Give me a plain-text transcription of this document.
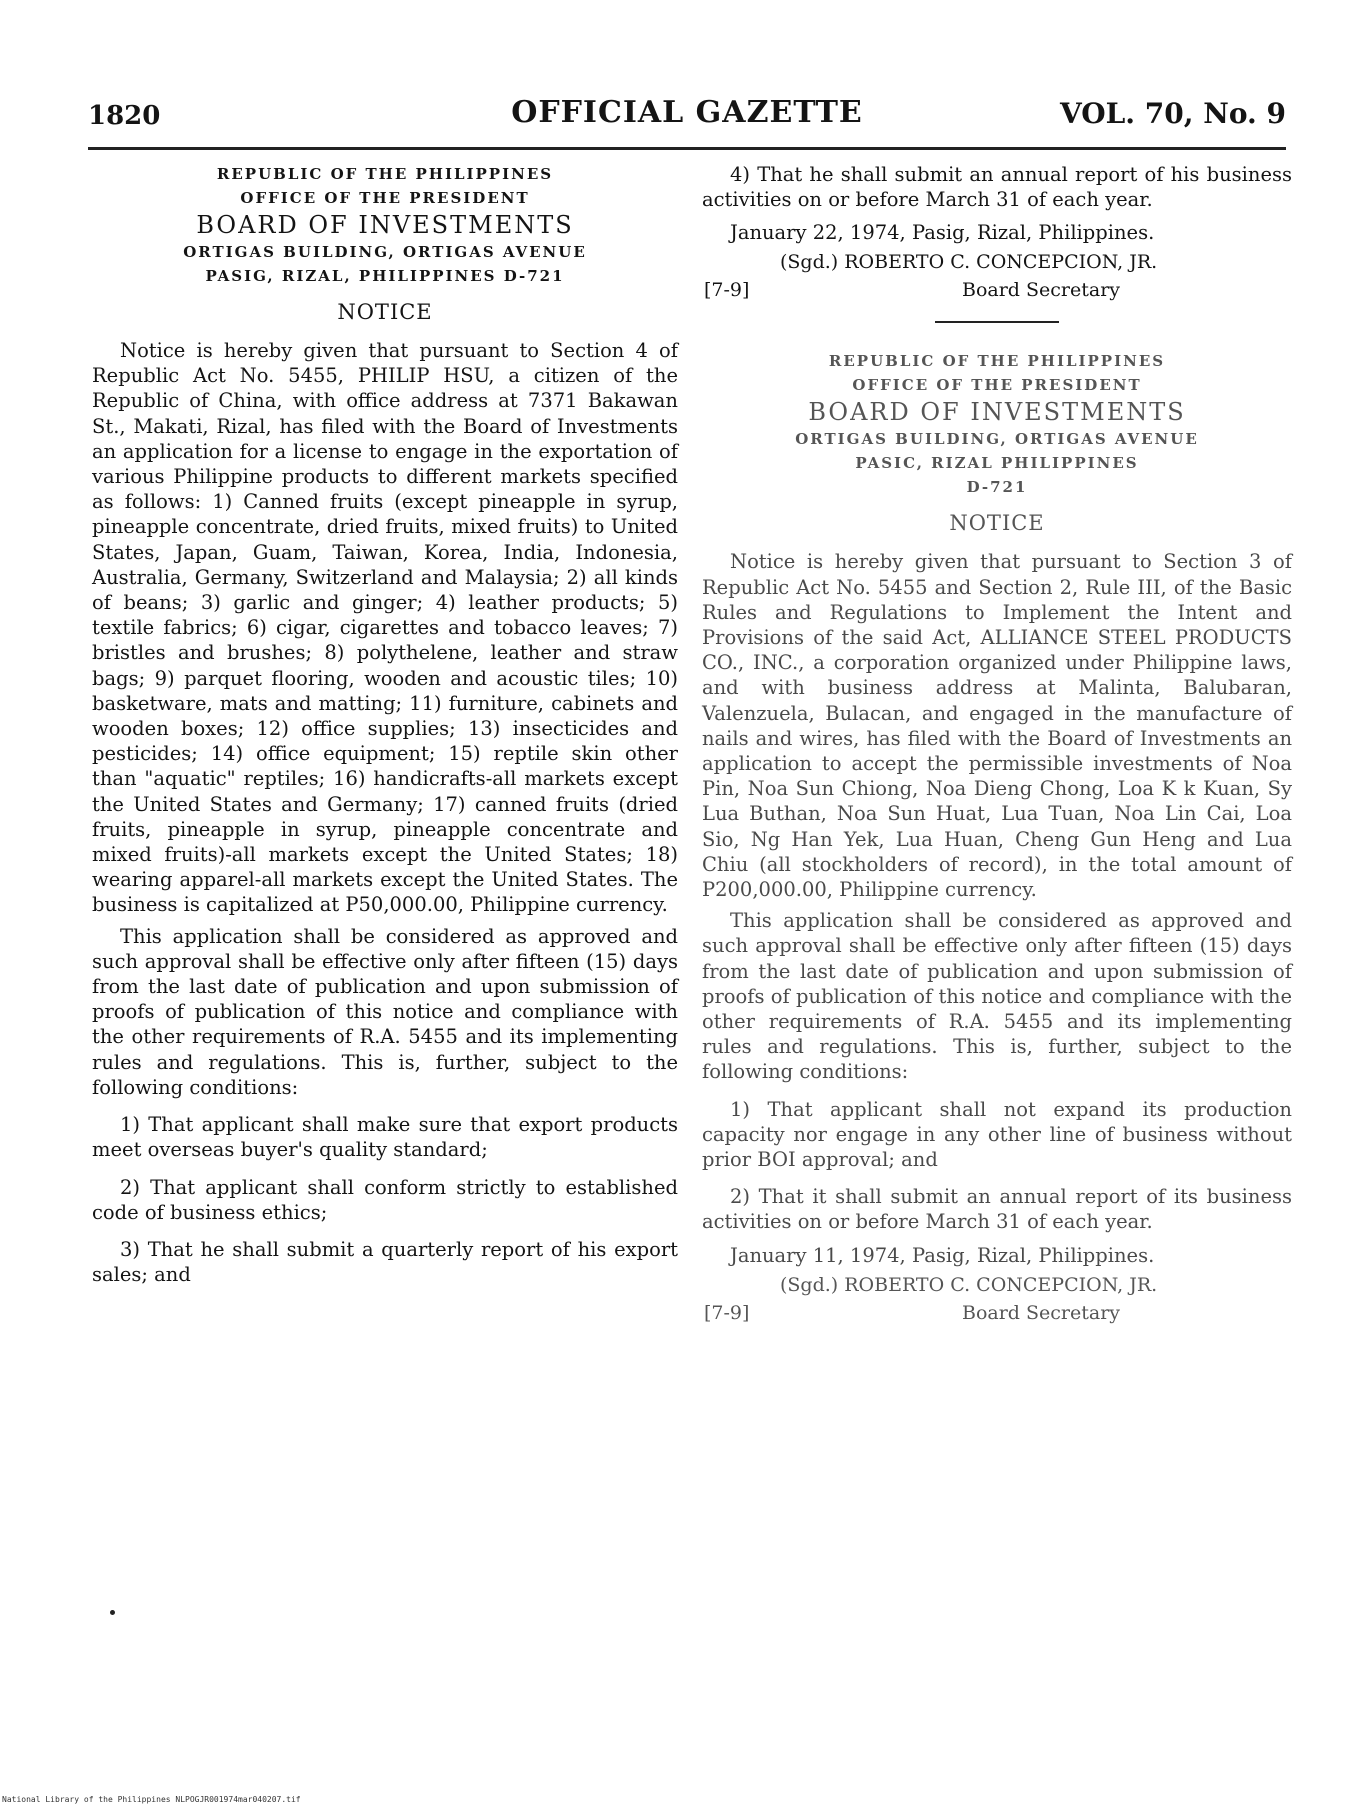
1820	OFFICIAL GAZETTE	VOL. 70, No. 9
REPUBLIC OF THE PHILIPPINES
OFFICE OF THE PRESIDENT
BOARD OF INVESTMENTS
ORTIGAS BUILDING, ORTIGAS AVENUE
PASIG, RIZAL, PHILIPPINES D-721
NOTICE

Notice is hereby given that pursuant to Section 4 of Republic Act No. 5455, PHILIP HSU, a citizen of the Republic of China, with office address at 7371 Bakawan St., Makati, Rizal, has filed with the Board of Investments an application for a license to engage in the exportation of various Philippine products to different markets specified as follows: 1) Canned fruits (except pineapple in syrup, pineapple concentrate, dried fruits, mixed fruits) to United States, Japan, Guam, Taiwan, Korea, India, Indonesia, Australia, Germany, Switzerland and Malaysia; 2) all kinds of beans; 3) garlic and ginger; 4) leather products; 5) textile fabrics; 6) cigar, cigarettes and tobacco leaves; 7) bristles and brushes; 8) polythelene, leather and straw bags; 9) parquet flooring, wooden and acoustic tiles; 10) basketware, mats and matting; 11) furniture, cabinets and wooden boxes; 12) office supplies; 13) insecticides and pesticides; 14) office equipment; 15) reptile skin other than "aquatic" reptiles; 16) handicrafts-all markets except the United States and Germany; 17) canned fruits (dried fruits, pineapple in syrup, pineapple concentrate and mixed fruits)-all markets except the United States; 18) wearing apparel-all markets except the United States. The business is capitalized at P50,000.00, Philippine currency.

This application shall be considered as approved and such approval shall be effective only after fifteen (15) days from the last date of publication and upon submission of proofs of publication of this notice and compliance with the other requirements of R.A. 5455 and its implementing rules and regulations. This is, further, subject to the following conditions:

1) That applicant shall make sure that export products meet overseas buyer's quality standard;

2) That applicant shall conform strictly to established code of business ethics;

3) That he shall submit a quarterly report of his export sales; and

4) That he shall submit an annual report of his business activities on or before March 31 of each year.

January 22, 1974, Pasig, Rizal, Philippines.
(Sgd.) ROBERTO C. CONCEPCION, JR.
[7-9]	Board Secretary
REPUBLIC OF THE PHILIPPINES
OFFICE OF THE PRESIDENT
BOARD OF INVESTMENTS
ORTIGAS BUILDING, ORTIGAS AVENUE
PASIC, RIZAL PHILIPPINES
D-721
NOTICE

Notice is hereby given that pursuant to Section 3 of Republic Act No. 5455 and Section 2, Rule III, of the Basic Rules and Regulations to Implement the Intent and Provisions of the said Act, ALLIANCE STEEL PRODUCTS CO., INC., a corporation organized under Philippine laws, and with business address at Malinta, Balubaran, Valenzuela, Bulacan, and engaged in the manufacture of nails and wires, has filed with the Board of Investments an application to accept the permissible investments of Noa Pin, Noa Sun Chiong, Noa Dieng Chong, Loa K k Kuan, Sy Lua Buthan, Noa Sun Huat, Lua Tuan, Noa Lin Cai, Loa Sio, Ng Han Yek, Lua Huan, Cheng Gun Heng and Lua Chiu (all stockholders of record), in the total amount of P200,000.00, Philippine currency.

This application shall be considered as approved and such approval shall be effective only after fifteen (15) days from the last date of publication and upon submission of proofs of publication of this notice and compliance with the other requirements of R.A. 5455 and its implementing rules and regulations. This is, further, subject to the following conditions:

1) That applicant shall not expand its production capacity nor engage in any other line of business without prior BOI approval; and

2) That it shall submit an annual report of its business activities on or before March 31 of each year.

January 11, 1974, Pasig, Rizal, Philippines.
(Sgd.) ROBERTO C. CONCEPCION, JR.
[7-9]	Board Secretary
National Library of the Philippines NLPOGJR001974mar040207.tif
